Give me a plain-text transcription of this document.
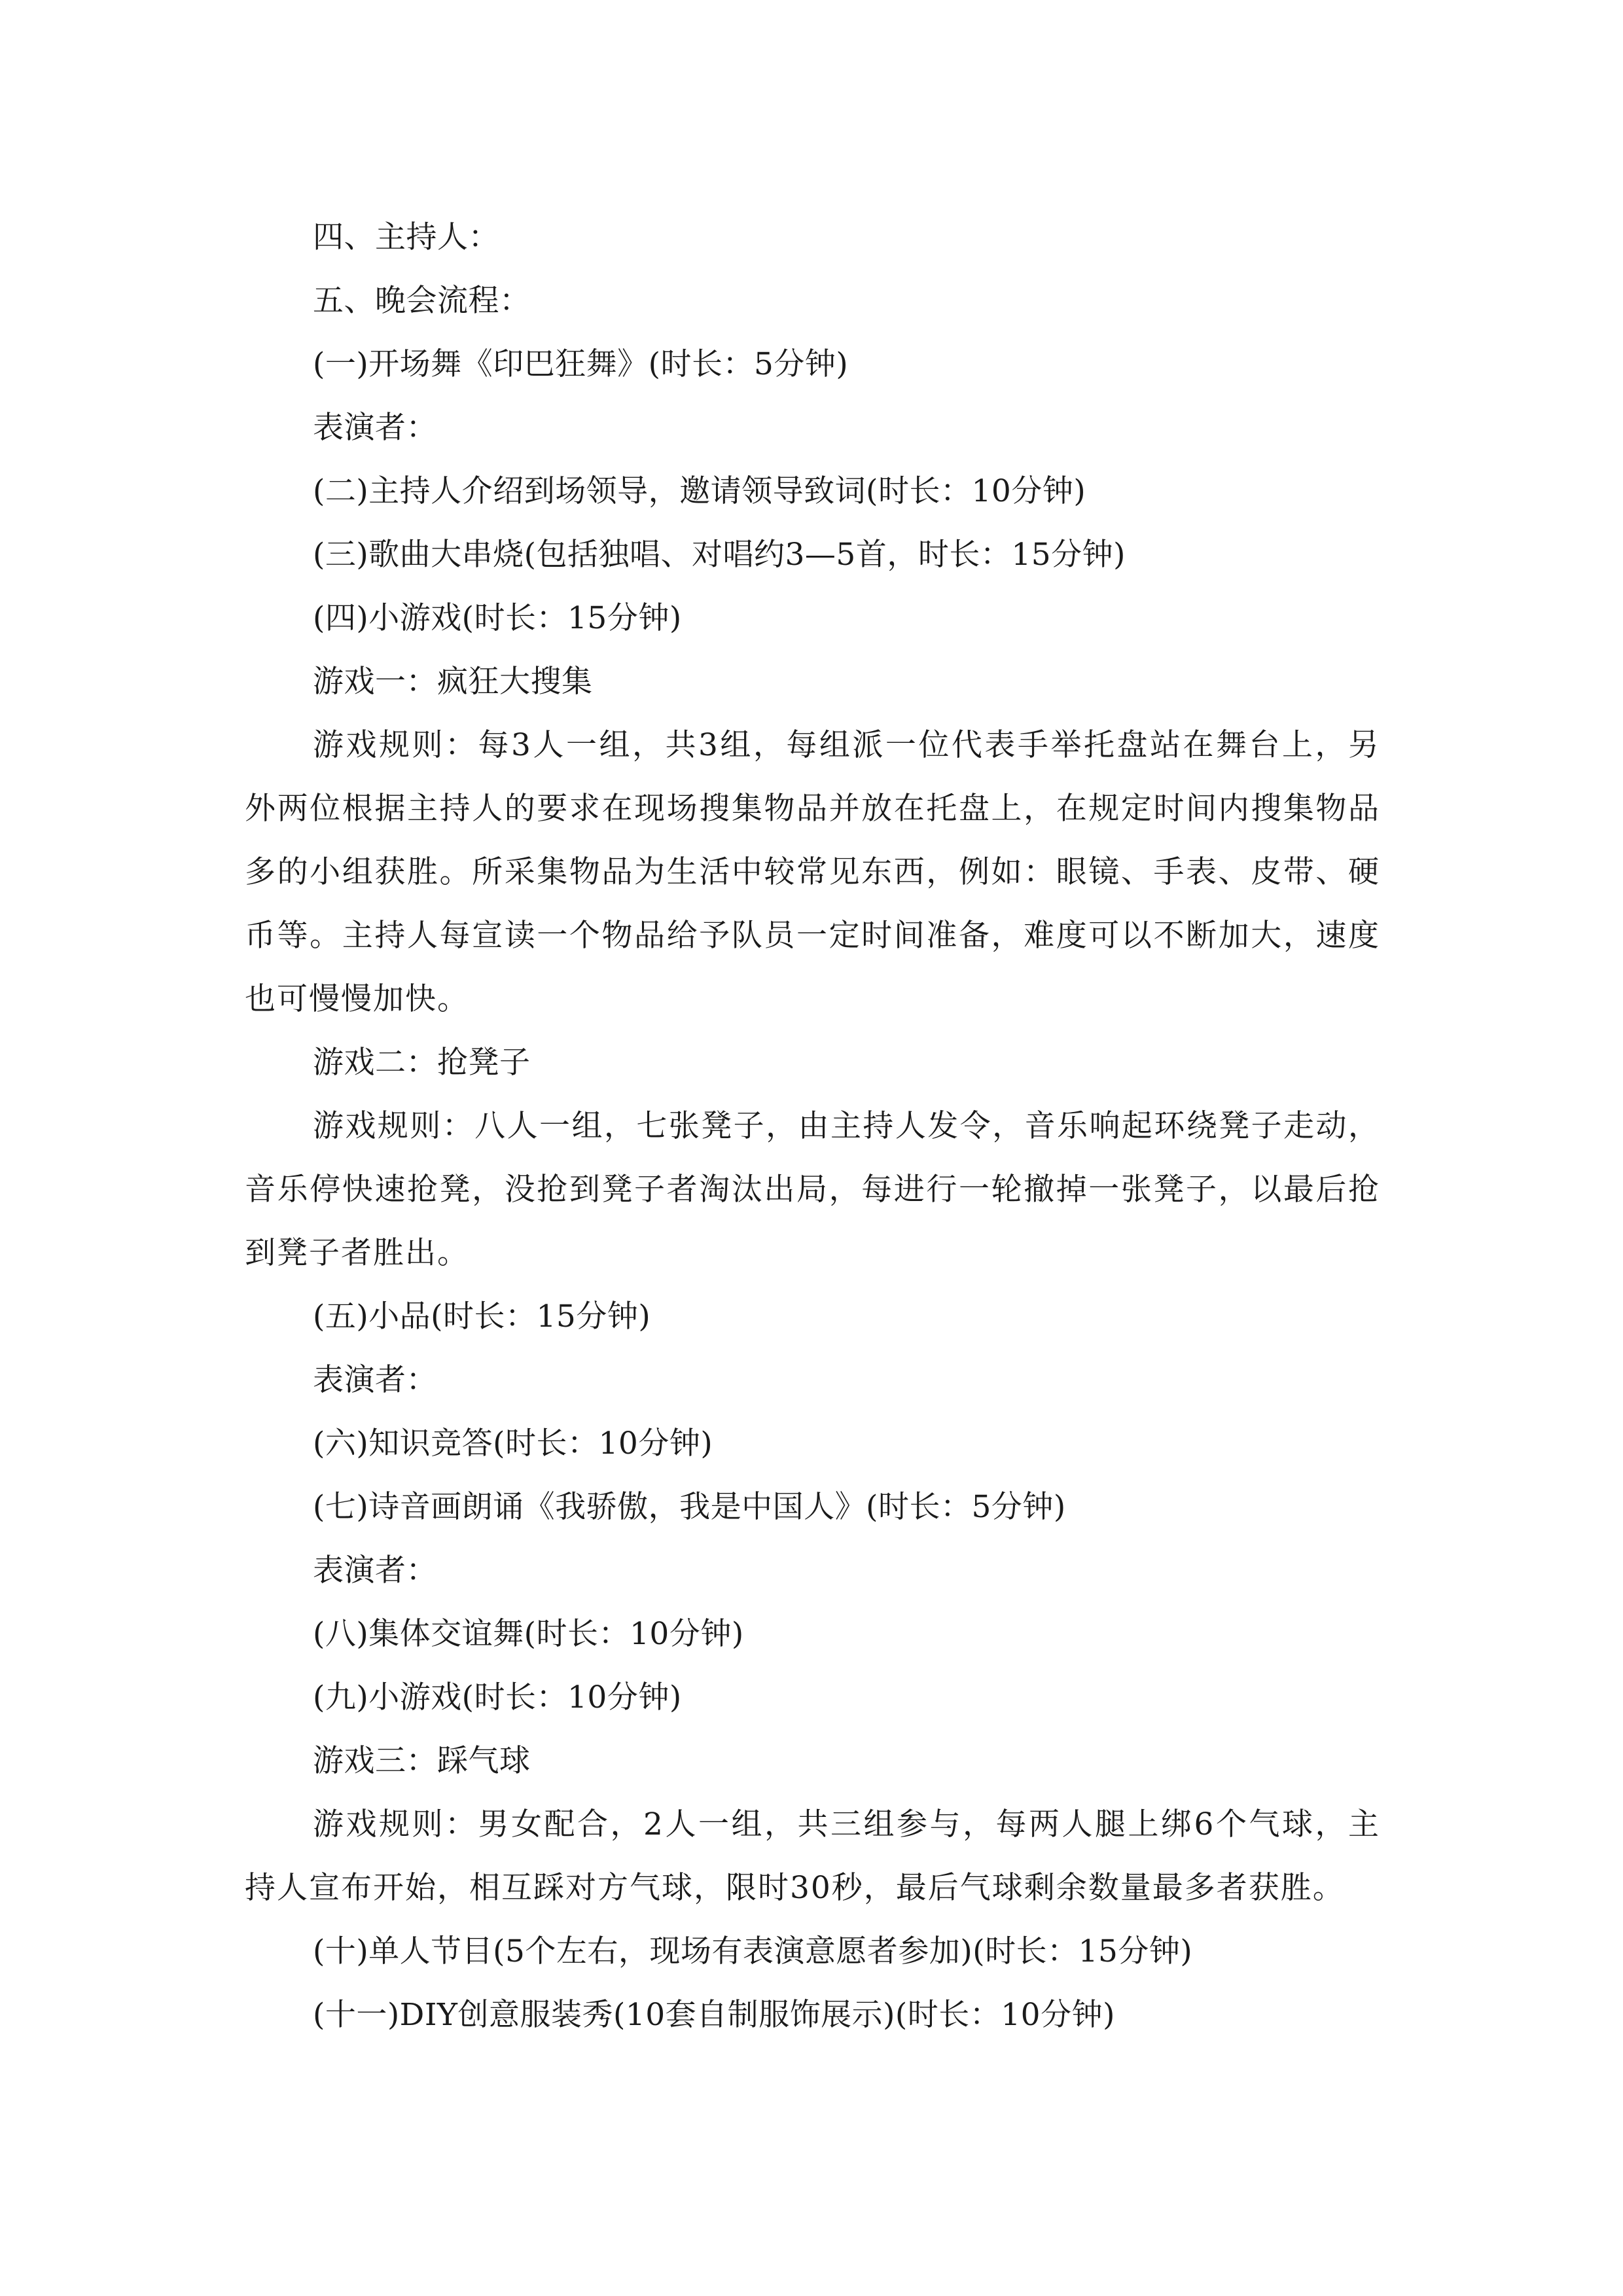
四、主持人：
五、晚会流程：
(一)开场舞《印巴狂舞》(时长：5分钟)
表演者：
(二)主持人介绍到场领导，邀请领导致词(时长：10分钟)
(三)歌曲大串烧(包括独唱、对唱约3—5首，时长：15分钟)
(四)小游戏(时长：15分钟)
游戏一：疯狂大搜集
游戏规则：每3人一组，共3组，每组派一位代表手举托盘站在舞台上，另外两位根据主持人的要求在现场搜集物品并放在托盘上，在规定时间内搜集物品多的小组获胜。所采集物品为生活中较常见东西，例如：眼镜、手表、皮带、硬币等。主持人每宣读一个物品给予队员一定时间准备，难度可以不断加大，速度也可慢慢加快。
游戏二：抢凳子
游戏规则：八人一组，七张凳子，由主持人发令，音乐响起环绕凳子走动，音乐停快速抢凳，没抢到凳子者淘汰出局，每进行一轮撤掉一张凳子，以最后抢到凳子者胜出。
(五)小品(时长：15分钟)
表演者：
(六)知识竞答(时长：10分钟)
(七)诗音画朗诵《我骄傲，我是中国人》(时长：5分钟)
表演者：
(八)集体交谊舞(时长：10分钟)
(九)小游戏(时长：10分钟)
游戏三：踩气球
游戏规则：男女配合，2人一组，共三组参与，每两人腿上绑6个气球，主持人宣布开始，相互踩对方气球，限时30秒，最后气球剩余数量最多者获胜。
(十)单人节目(5个左右，现场有表演意愿者参加)(时长：15分钟)
(十一)DIY创意服装秀(10套自制服饰展示)(时长：10分钟)
